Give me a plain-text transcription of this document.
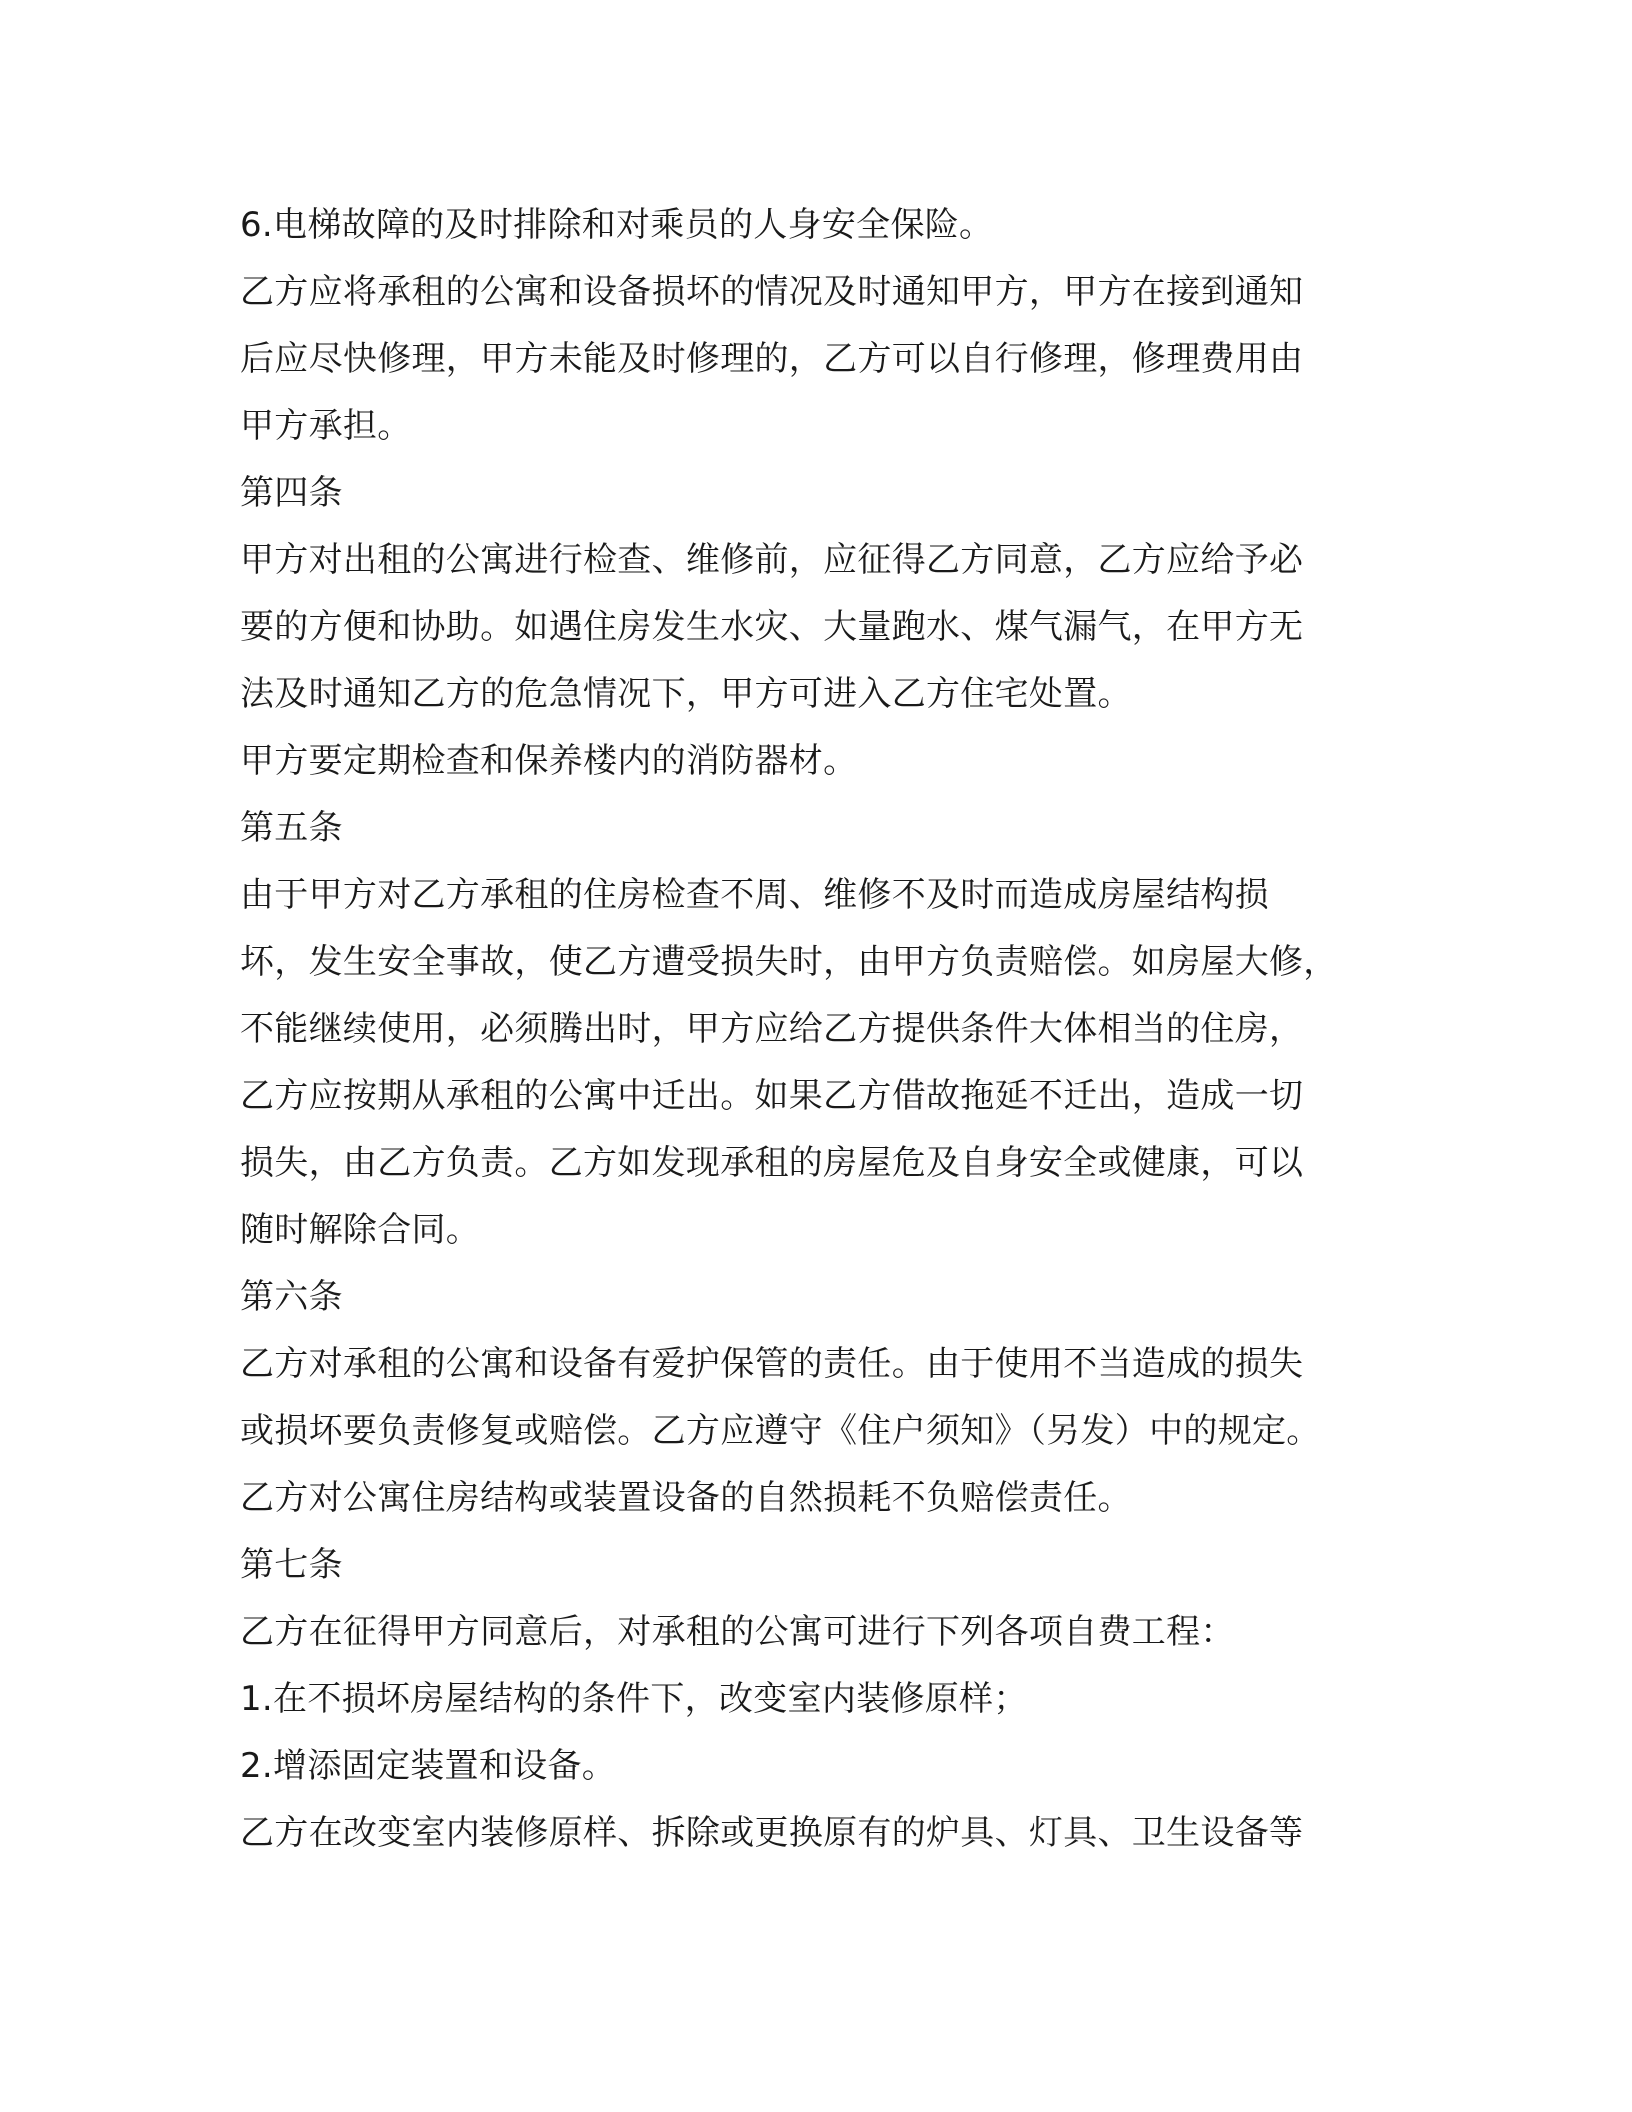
6.电梯故障的及时排除和对乘员的人身安全保险。

乙方应将承租的公寓和设备损坏的情况及时通知甲方，甲方在接到通知

后应尽快修理，甲方未能及时修理的，乙方可以自行修理，修理费用由

甲方承担。

第四条

甲方对出租的公寓进行检查、维修前，应征得乙方同意，乙方应给予必

要的方便和协助。如遇住房发生水灾、大量跑水、煤气漏气，在甲方无

法及时通知乙方的危急情况下，甲方可进入乙方住宅处置。

甲方要定期检查和保养楼内的消防器材。

第五条

由于甲方对乙方承租的住房检查不周、维修不及时而造成房屋结构损

坏，发生安全事故，使乙方遭受损失时，由甲方负责赔偿。如房屋大修，

不能继续使用，必须腾出时，甲方应给乙方提供条件大体相当的住房，

乙方应按期从承租的公寓中迁出。如果乙方借故拖延不迁出，造成一切

损失，由乙方负责。乙方如发现承租的房屋危及自身安全或健康，可以

随时解除合同。

第六条

乙方对承租的公寓和设备有爱护保管的责任。由于使用不当造成的损失

或损坏要负责修复或赔偿。乙方应遵守《住户须知》（另发）中的规定。

乙方对公寓住房结构或装置设备的自然损耗不负赔偿责任。

第七条

乙方在征得甲方同意后，对承租的公寓可进行下列各项自费工程：

1.在不损坏房屋结构的条件下，改变室内装修原样；

2.增添固定装置和设备。

乙方在改变室内装修原样、拆除或更换原有的炉具、灯具、卫生设备等
